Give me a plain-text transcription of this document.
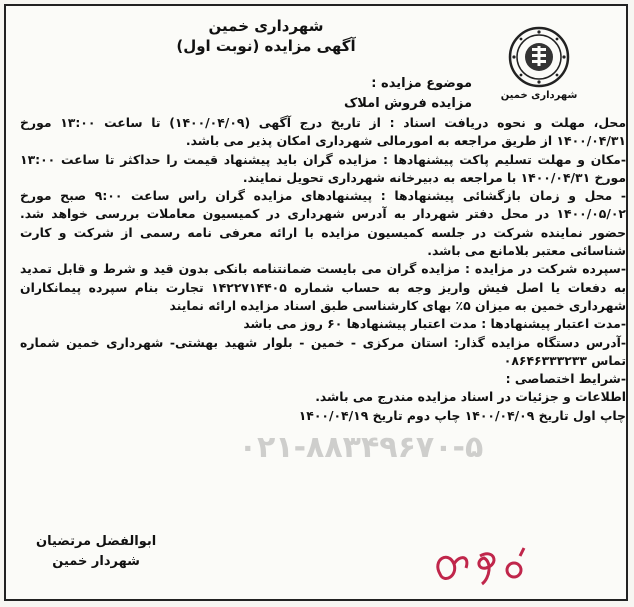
شهرداری خمین
شهرداری خمین
آگهی مزایده (نوبت اول)
موضوع مزایده :
مزایده فروش املاک

محل، مهلت و نحوه دریافت اسناد : از تاریخ درج آگهی (۱۴۰۰/۰۴/۰۹) تا ساعت ۱۳:۰۰ مورخ ۱۴۰۰/۰۴/۳۱ از طریق مراجعه به امورمالی شهرداری امکان پذیر می باشد.

-مکان و مهلت تسلیم پاکت پیشنهادها : مزایده گران باید پیشنهاد قیمت را حداکثر تا ساعت ۱۳:۰۰ مورخ ۱۴۰۰/۰۴/۳۱ با مراجعه به دبیرخانه شهرداری تحویل نمایند.

- محل و زمان بازگشائی پیشنهادها : پیشنهادهای مزایده گران راس ساعت ۹:۰۰ صبح مورخ ۱۴۰۰/۰۵/۰۲ در محل دفتر شهردار به آدرس شهرداری در کمیسیون معاملات بررسی خواهد شد. حضور نماینده شرکت در جلسه کمیسیون مزایده با ارائه معرفی نامه رسمی از شرکت و کارت شناسائی معتبر بلامانع می باشد.

-سپرده شرکت در مزایده : مزایده گران می بایست ضمانتنامه بانکی بدون قید و شرط و قابل تمدید به دفعات یا اصل فیش واریز وجه به حساب شماره ۱۴۲۲۷۱۴۴۰۵ تجارت بنام سپرده پیمانکاران شهرداری خمین به میزان ۵٪ بهای کارشناسی طبق اسناد مزایده ارائه نمایند

-مدت اعتبار پیشنهادها : مدت اعتبار پیشنهادها ۶۰ روز می باشد

-آدرس دستگاه مزایده گذار: استان مرکزی - خمین - بلوار شهید بهشتی- شهرداری خمین شماره تماس ۰۸۶۴۶۳۳۳۲۳۳

-شرایط اختصاصی :

اطلاعات و جزئیات در اسناد مزایده مندرج می باشد.

چاپ اول تاریخ ۱۴۰۰/۰۴/۰۹ چاپ دوم تاریخ ۱۴۰۰/۰۴/۱۹

۰۲۱-۸۸۳۴۹۶۷۰-۵
ابوالفضل مرتضیان
شهردار خمین
